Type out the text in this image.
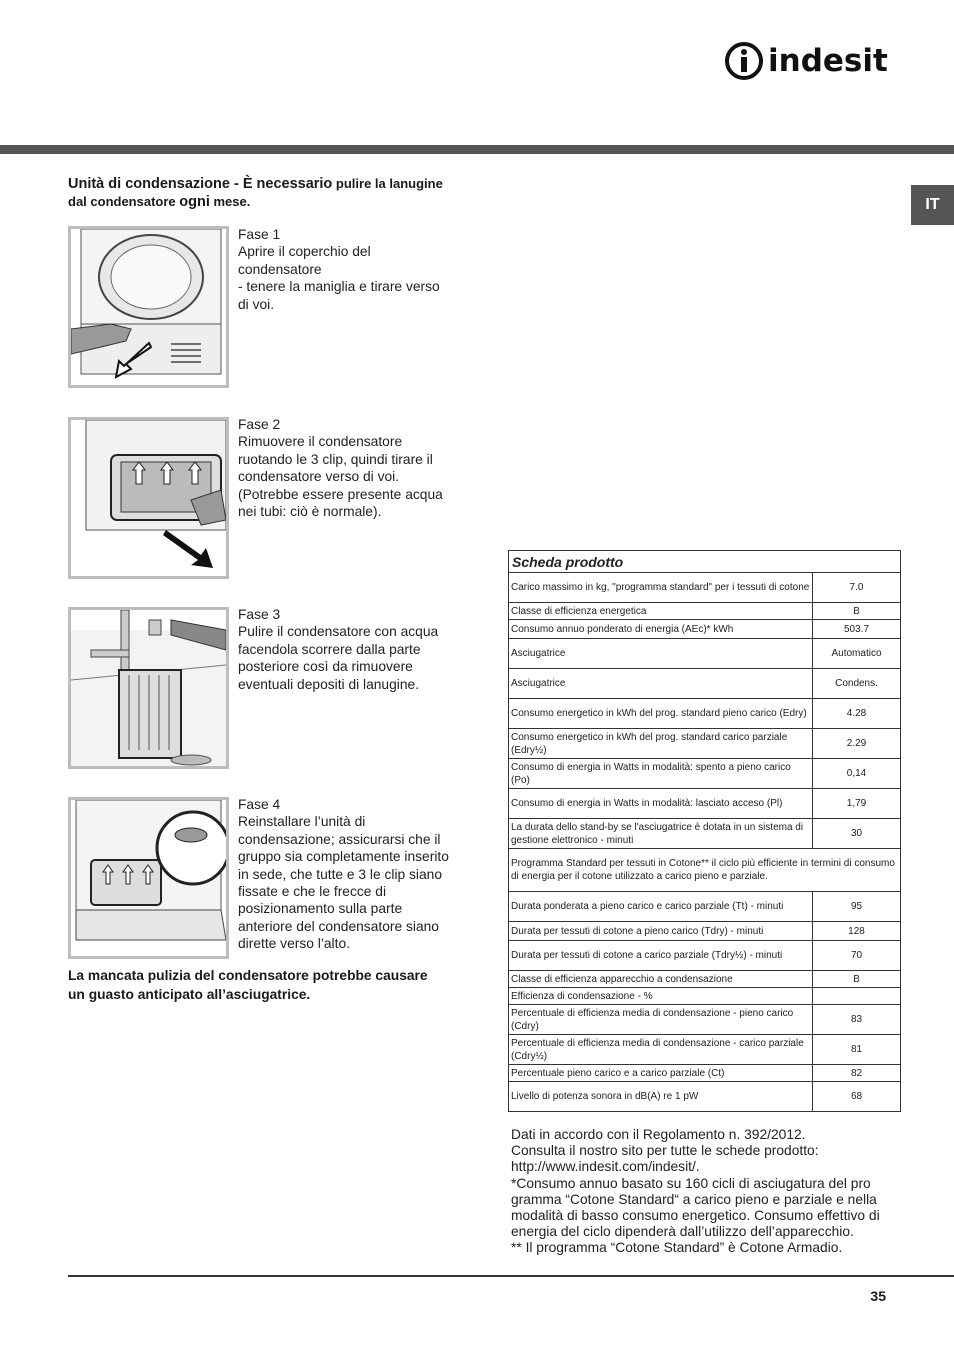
indesit
IT
Unità di condensazione - È necessario pulire la lanugine dal condensatore ogni mese.
Fase 1
Aprire il coperchio del condensatore
- tenere la maniglia e tirare verso di voi.
Fase 2
Rimuovere il condensatore ruotando le 3 clip, quindi tirare il condensatore verso di voi. (Potrebbe essere presente acqua nei tubi: ciò è normale).
Fase 3
Pulire il condensatore con acqua facendola scorrere dalla parte posteriore così da rimuovere eventuali depositi di lanugine.
Fase 4
Reinstallare l’unità di condensazione; assicurarsi che il gruppo sia completamente inserito in sede, che tutte e 3 le clip siano fissate e che le frecce di posizionamento sulla parte anteriore del condensatore siano dirette verso l’alto.
La mancata pulizia del condensatore potrebbe causare un guasto anticipato all’asciugatrice.
Scheda prodotto	
Carico massimo in kg, "programma standard" per i tessuti di cotone	7.0
Classe di efficienza energetica	B
Consumo annuo ponderato di energia (AEc)* kWh	503.7
Asciugatrice	Automatico
Asciugatrice	Condens.
Consumo energetico in kWh del prog. standard pieno carico (Edry)	4.28
Consumo energetico in kWh del prog. standard carico parziale (Edry½)	2.29
Consumo di energia in Watts in modalità: spento a pieno carico (Po)	0,14
Consumo di energia in Watts in modalità: lasciato acceso (Pl)	1,79
La durata dello stand-by se l'asciugatrice è dotata in un sistema di gestione elettronico - minuti	30
Programma Standard per tessuti in Cotone** il ciclo più efficiente in termini di consumo di energia per il cotone utilizzato a carico pieno e parziale.	
Durata ponderata a pieno carico e carico parziale (Tt) - minuti	95
Durata per tessuti di cotone a pieno carico (Tdry) - minuti	128
Durata per tessuti di cotone a carico parziale (Tdry½) - minuti	70
Classe di efficienza apparecchio a condensazione	B
Efficienza di condensazione - %	
Percentuale di efficienza media di condensazione - pieno carico (Cdry)	83
Percentuale di efficienza media di condensazione - carico parziale (Cdry½)	81
Percentuale pieno carico e a carico parziale (Ct)	82
Livello di potenza sonora in dB(A) re 1 pW	68
Dati in accordo con il Regolamento n. 392/2012.
Consulta il nostro sito per tutte le schede prodotto:
http://www.indesit.com/indesit/.
*Consumo annuo basato su 160 cicli di asciugatura del pro
gramma “Cotone Standard“ a carico pieno e parziale e nella
modalità di basso consumo energetico. Consumo effettivo di
energia del ciclo dipenderà dall’utilizzo dell’apparecchio.
** Il programma “Cotone Standard” è Cotone Armadio.
35
